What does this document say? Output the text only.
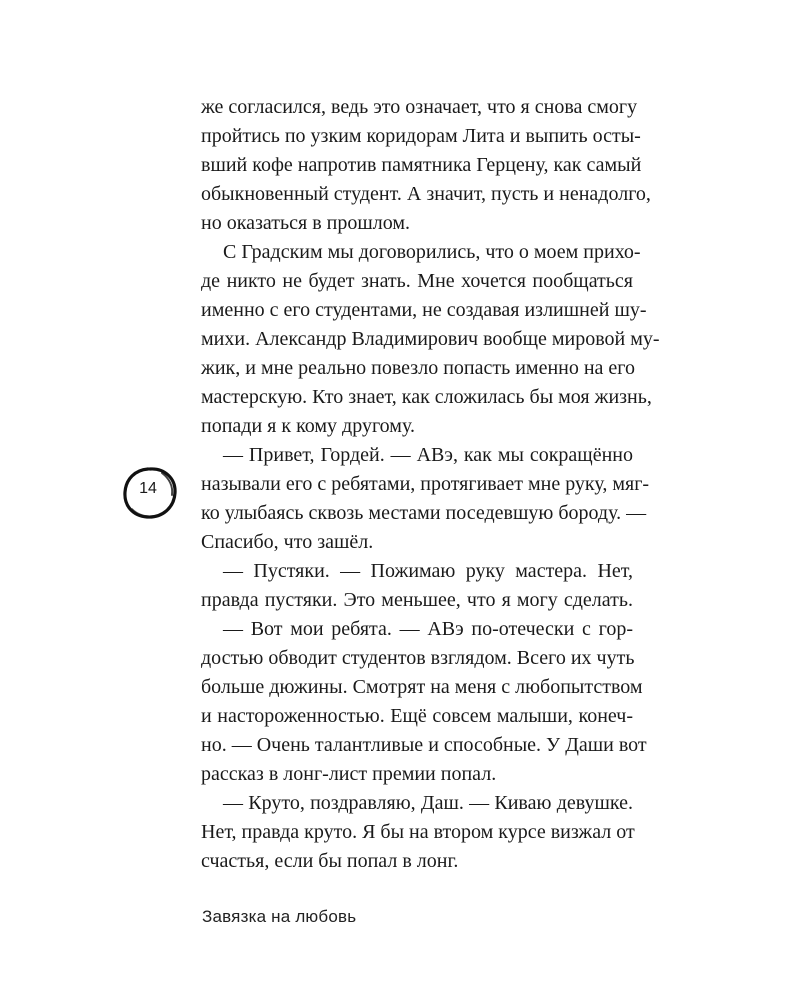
же согласился, ведь это означает, что я снова смогу
пройтись по узким коридорам Лита и выпить осты-
вший кофе напротив памятника Герцену, как самый
обыкновенный студент. А значит, пусть и ненадолго,
но оказаться в прошлом.
С Градским мы договорились, что о моем прихо-
де никто не будет знать. Мне хочется пообщаться
именно с его студентами, не создавая излишней шу-
михи. Александр Владимирович вообще мировой му-
жик, и мне реально повезло попасть именно на его
мастерскую. Кто знает, как сложилась бы моя жизнь,
попади я к кому другому.
— Привет, Гордей. — АВэ, как мы сокращённо
называли его с ребятами, протягивает мне руку, мяг-
ко улыбаясь сквозь местами поседевшую бороду. —
Спасибо, что зашёл.
— Пустяки. — Пожимаю руку мастера. Нет,
правда пустяки. Это меньшее, что я могу сделать.
— Вот мои ребята. — АВэ по-отечески с гор-
достью обводит студентов взглядом. Всего их чуть
больше дюжины. Смотрят на меня с любопытством
и настороженностью. Ещё совсем малыши, конеч-
но. — Очень талантливые и способные. У Даши вот
рассказ в лонг-лист премии попал.
— Круто, поздравляю, Даш. — Киваю девушке.
Нет, правда круто. Я бы на втором курсе визжал от
счастья, если бы попал в лонг.
14
Завязка на любовь
